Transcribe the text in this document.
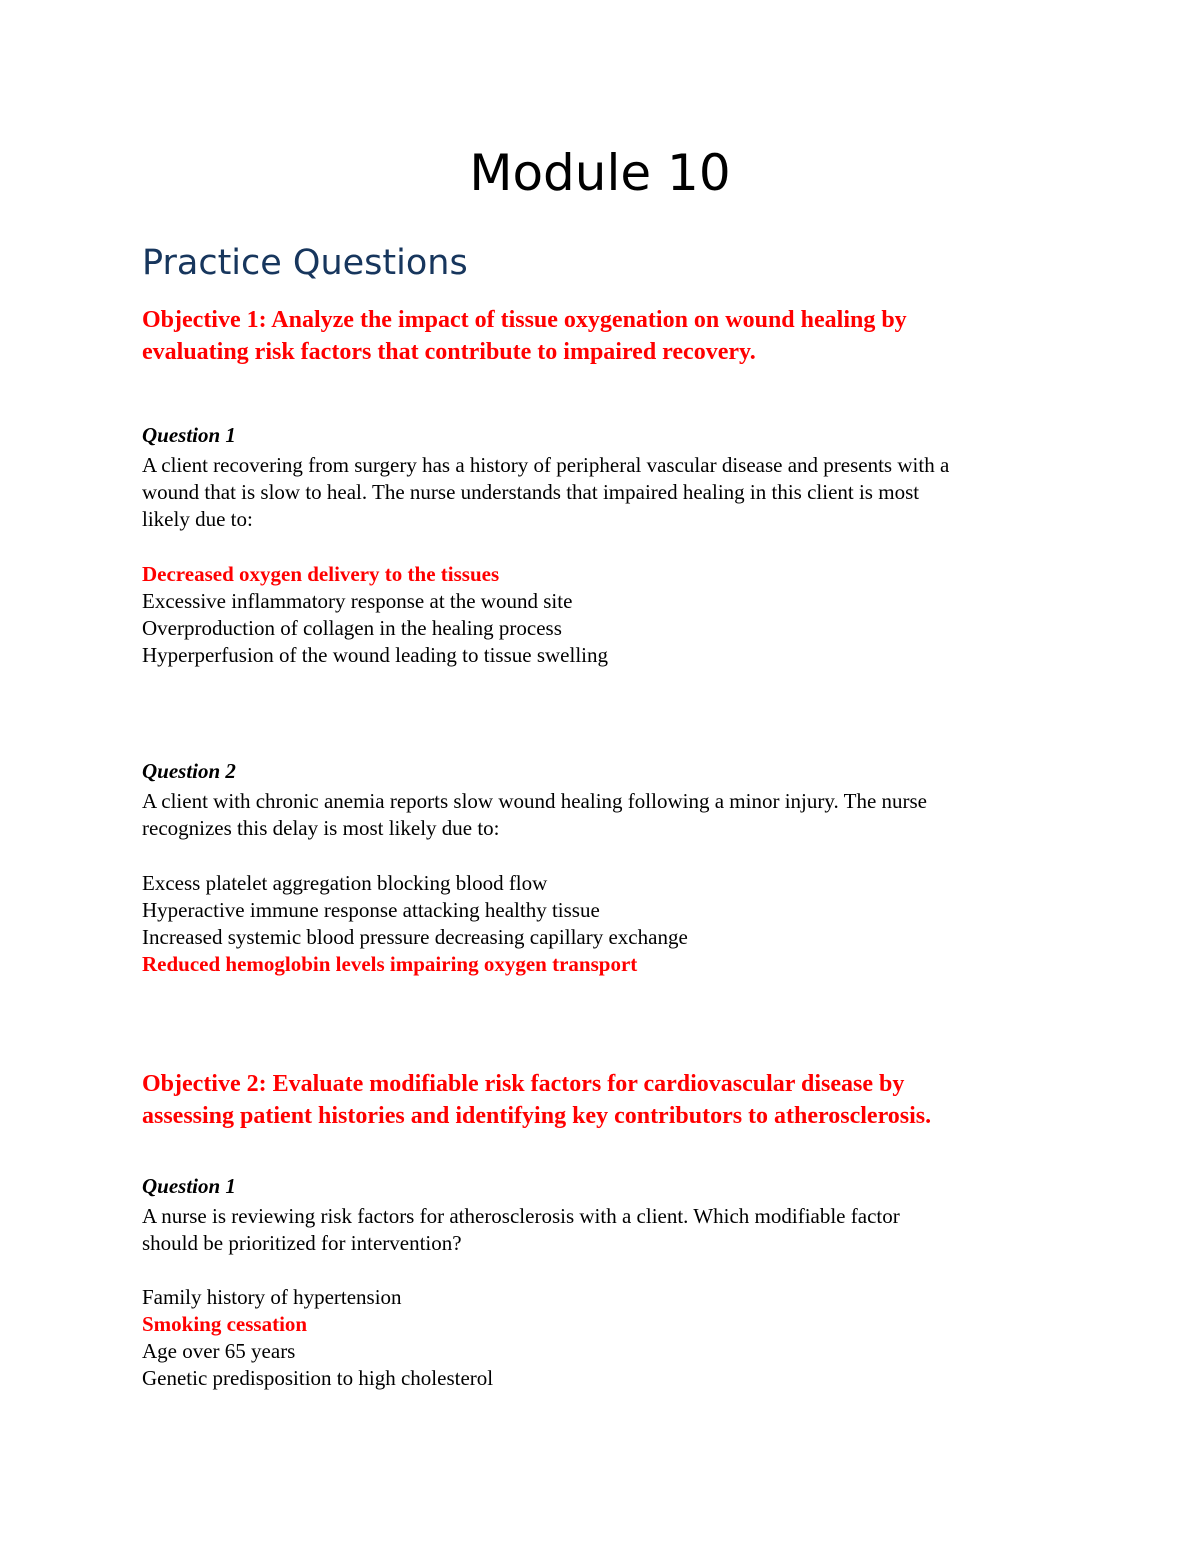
Module 10
Practice Questions
Objective 1: Analyze the impact of tissue oxygenation on wound healing by
evaluating risk factors that contribute to impaired recovery.
Question 1
A client recovering from surgery has a history of peripheral vascular disease and presents with a
wound that is slow to heal. The nurse understands that impaired healing in this client is most
likely due to:
Decreased oxygen delivery to the tissues
Excessive inflammatory response at the wound site
Overproduction of collagen in the healing process
Hyperperfusion of the wound leading to tissue swelling
Question 2
A client with chronic anemia reports slow wound healing following a minor injury. The nurse
recognizes this delay is most likely due to:
Excess platelet aggregation blocking blood flow
Hyperactive immune response attacking healthy tissue
Increased systemic blood pressure decreasing capillary exchange
Reduced hemoglobin levels impairing oxygen transport
Objective 2: Evaluate modifiable risk factors for cardiovascular disease by
assessing patient histories and identifying key contributors to atherosclerosis.
Question 1
A nurse is reviewing risk factors for atherosclerosis with a client. Which modifiable factor
should be prioritized for intervention?
Family history of hypertension
Smoking cessation
Age over 65 years
Genetic predisposition to high cholesterol
